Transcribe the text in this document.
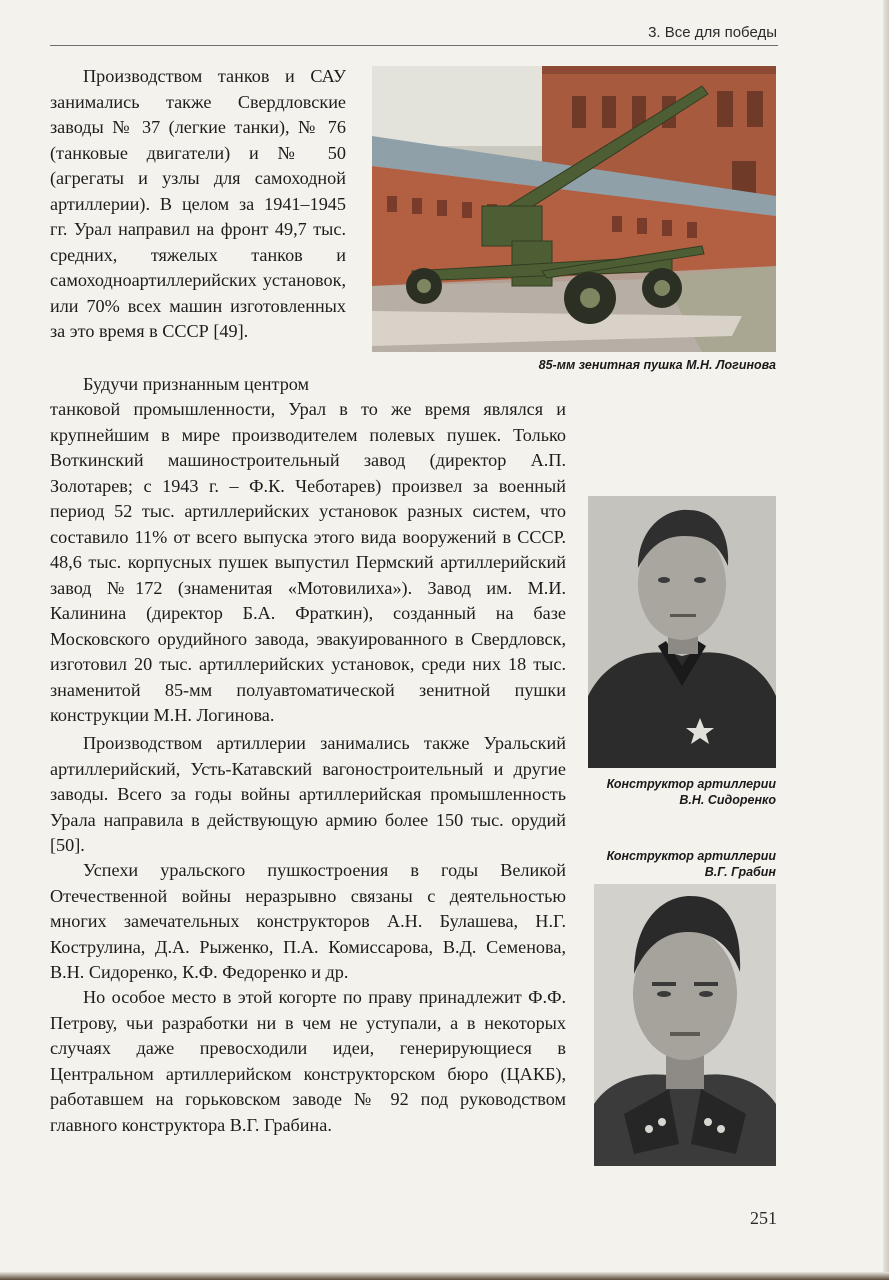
3. Все для победы

Производством танков и САУ занимались также Свердловские заводы № 37 (легкие танки), № 76 (танковые двигатели) и № 50 (агрегаты и узлы для самоходной артиллерии). В целом за 1941–1945 гг. Урал направил на фронт 49,7 тыс. средних, тяжелых танков и самоходноартиллерийских установок, или 70% всех машин изготовленных за это время в СССР [49].

Будучи признанным центром

танковой промышленности, Урал в то же время являлся и крупнейшим в мире производителем полевых пушек. Только Воткинский машиностроительный завод (директор А.П. Золотарев; с 1943 г. – Ф.К. Чеботарев) произвел за военный период 52 тыс. артиллерийских установок разных систем, что составило 11% от всего выпуска этого вида вооружений в СССР. 48,6 тыс. корпусных пушек выпустил Пермский артиллерийский завод №172 (знаменитая «Мотовилиха»). Завод им. М.И. Калинина (директор Б.А. Фраткин), созданный на базе Московского орудийного завода, эвакуированного в Свердловск, изготовил 20 тыс. артиллерийских установок, среди них 18 тыс. знаменитой 85-мм полуавтоматической зенитной пушки конструкции М.Н. Логинова.

Производством артиллерии занимались также Уральский артиллерийский, Усть-Катавский вагоностроительный и другие заводы. Всего за годы войны артиллерийская промышленность Урала направила в действующую армию более 150 тыс. орудий [50].

Успехи уральского пушкостроения в годы Великой Отечественной войны неразрывно связаны с деятельностью многих замечательных конструкторов А.Н. Булашева, Н.Г. Кострулина, Д.А. Рыженко, П.А. Комиссарова, В.Д. Семенова, В.Н. Сидоренко, К.Ф. Федоренко и др.

Но особое место в этой когорте по праву принадлежит Ф.Ф. Петрову, чьи разработки ни в чем не уступали, а в некоторых случаях даже превосходили идеи, генерирующиеся в Центральном артиллерийском конструкторском бюро (ЦАКБ), работавшем на горьковском заводе № 92 под руководством главного конструктора В.Г. Грабина.

85-мм зенитная пушка М.Н. Логинова

Конструктор артиллерии
В.Н. Сидоренко

Конструктор артиллерии
В.Г. Грабин

251
